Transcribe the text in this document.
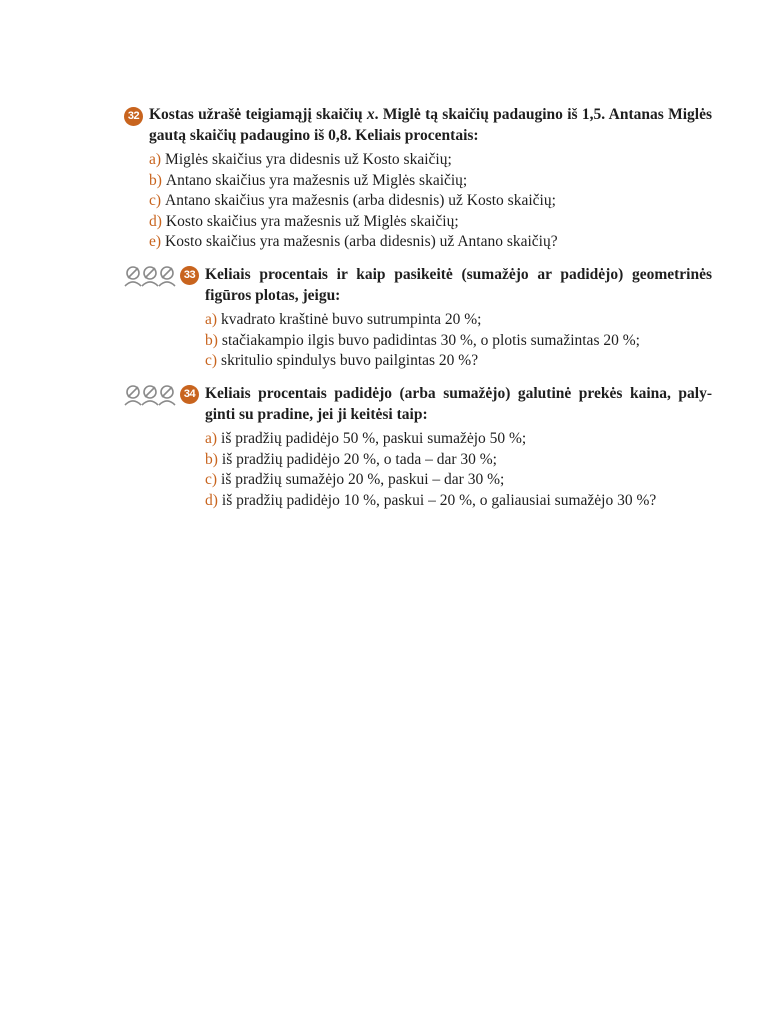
32 Kostas užrašė teigiamąjį skaičių x. Miglė tą skaičių padaugino iš 1,5. Antanas Miglės gautą skaičių padaugino iš 0,8. Keliais procentais:
a) Miglės skaičius yra didesnis už Kosto skaičių;
b) Antano skaičius yra mažesnis už Miglės skaičių;
c) Antano skaičius yra mažesnis (arba didesnis) už Kosto skaičių;
d) Kosto skaičius yra mažesnis už Miglės skaičių;
e) Kosto skaičius yra mažesnis (arba didesnis) už Antano skaičių?
33 Keliais procentais ir kaip pasikeitė (sumažėjo ar padidėjo) geometrinės figūros plotas, jeigu:
a) kvadrato kraštinė buvo sutrumpinta 20 %;
b) stačiakampio ilgis buvo padidintas 30 %, o plotis sumažintas 20 %;
c) skritulio spindulys buvo pailgintas 20 %?
34 Keliais procentais padidėjo (arba sumažėjo) galutinė prekės kaina, paly-ginti su pradine, jei ji keitėsi taip:
a) iš pradžių padidėjo 50 %, paskui sumažėjo 50 %;
b) iš pradžių padidėjo 20 %, o tada – dar 30 %;
c) iš pradžių sumažėjo 20 %, paskui – dar 30 %;
d) iš pradžių padidėjo 10 %, paskui – 20 %, o galiausiai sumažėjo 30 %?
